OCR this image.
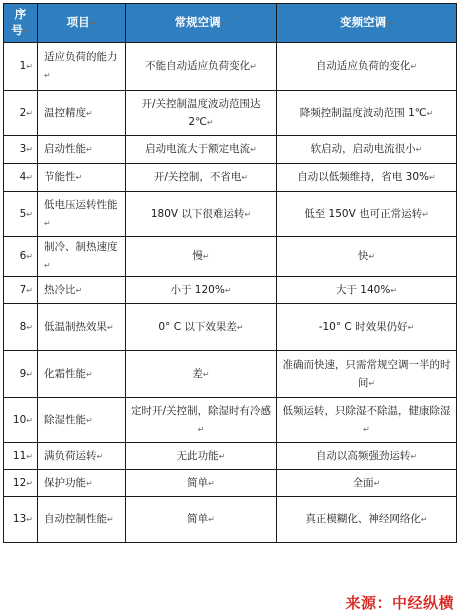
序
号↵	项目↵	常规空调↵	变频空调↵
1↵	适应负荷的能力↵	不能自动适应负荷变化↵	自动适应负荷的变化↵
2↵	温控精度↵	开/关控制温度波动范围达 2℃↵	降频控制温度波动范围 1℃↵
3↵	启动性能↵	启动电流大于额定电流↵	软启动，启动电流很小↵
4↵	节能性↵	开/关控制，不省电↵	自动以低频维持，省电 30%↵
5↵	低电压运转性能↵	180V 以下很难运转↵	低至 150V 也可正常运转↵
6↵	制冷、制热速度↵	慢↵	快↵
7↵	热冷比↵	小于 120%↵	大于 140%↵
8↵	低温制热效果↵	0° C 以下效果差↵	-10° C 时效果仍好↵
9↵	化霜性能↵	差↵	准确而快速，只需常规空调一半的时间↵
10↵	除湿性能↵	定时开/关控制，除湿时有冷感↵	低频运转，只除湿不除温，健康除湿↵
11↵	满负荷运转↵	无此功能↵	自动以高频强劲运转↵
12↵	保护功能↵	简单↵	全面↵
13↵	自动控制性能↵	简单↵	真正模糊化、神经网络化↵
来源：中经纵横
